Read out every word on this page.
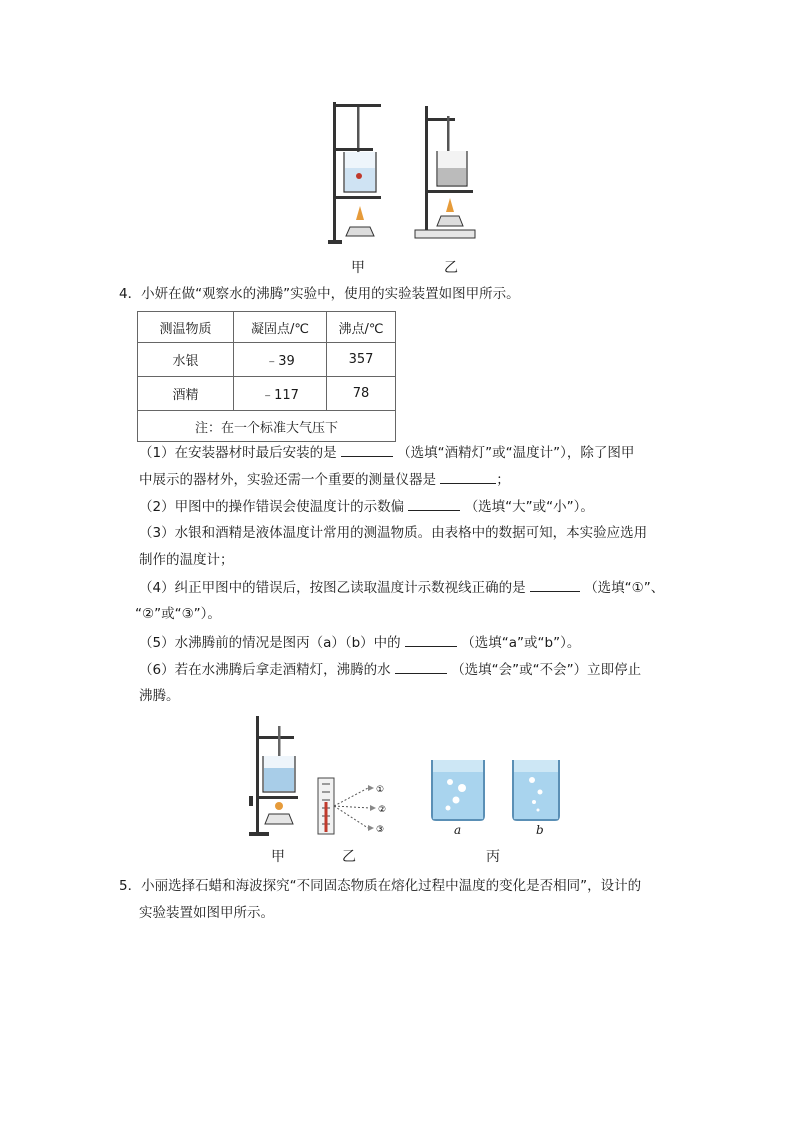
甲	乙
4．小妍在做“观察水的沸腾”实验中，使用的实验装置如图甲所示。
测温物质	凝固点/℃	沸点/℃
水银	﹣39	357
酒精	﹣117	78
注：在一个标准大气压下		
（1）在安装器材时最后安装的是	（选填“酒精灯”或“温度计”），除了图甲
中展示的器材外，实验还需一个重要的测量仪器是	；
（2）甲图中的操作错误会使温度计的示数偏	（选填“大”或“小”）。
（3）水银和酒精是液体温度计常用的测温物质。由表格中的数据可知，本实验应选用
制作的温度计；
（4）纠正甲图中的错误后，按图乙读取温度计示数视线正确的是	（选填“①”、
“②”或“③”）。
（5）水沸腾前的情况是图丙（a）（b）中的	（选填“a”或“b”）。
（6）若在水沸腾后拿走酒精灯，沸腾的水	（选填“会”或“不会”）立即停止
沸腾。
①
②
③	a	b
甲	乙	丙
5．小丽选择石蜡和海波探究“不同固态物质在熔化过程中温度的变化是否相同”，设计的
实验装置如图甲所示。
